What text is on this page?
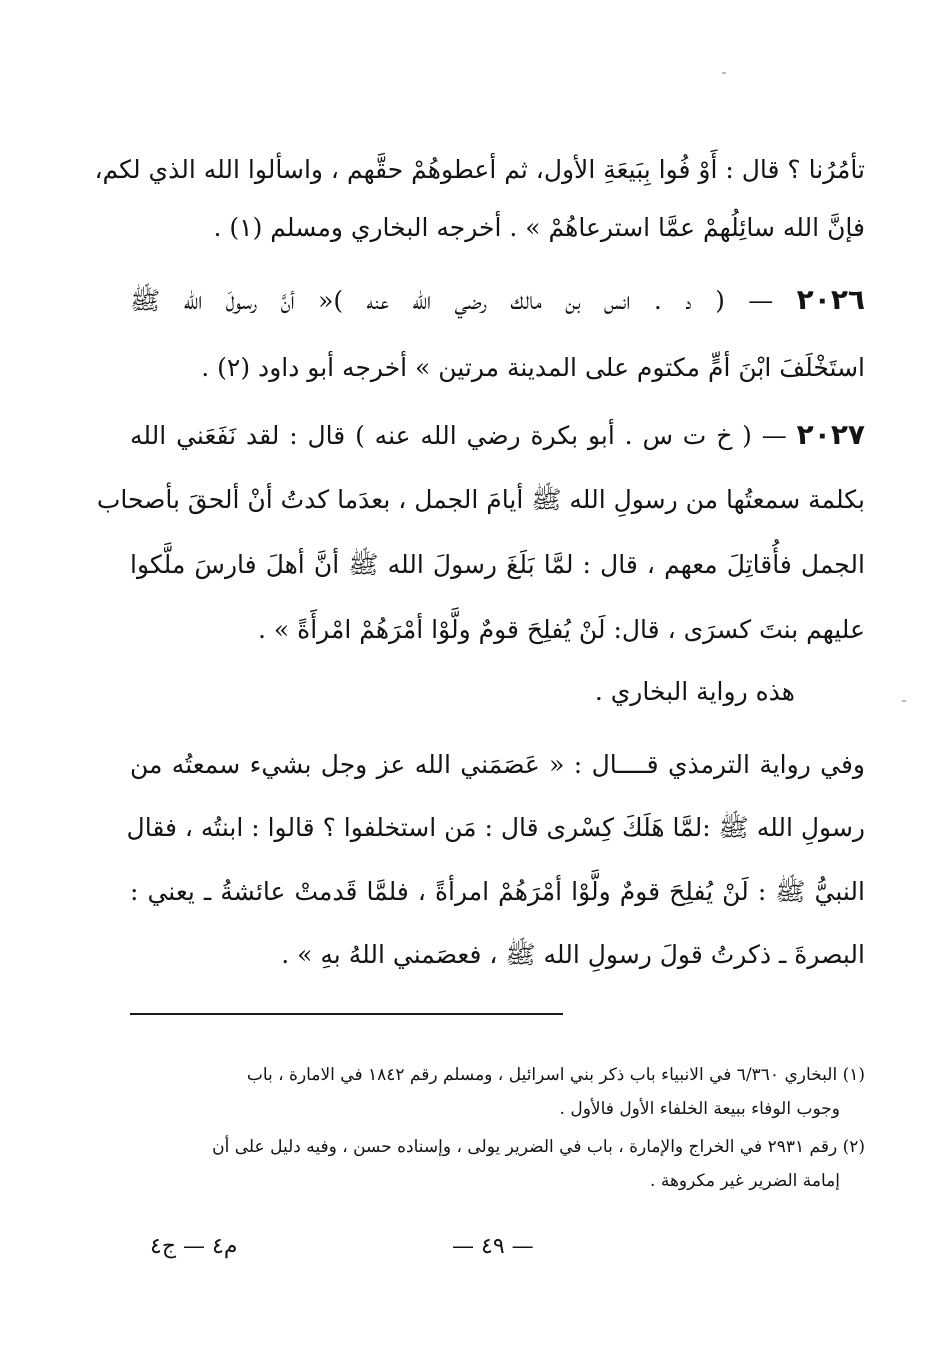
تأمُرُنا ؟ قال : أَوْ فُوا بِبَيعَةِ الأول، ثم أعطوهُمْ حقَّهم ، واسألوا الله الذي لكم،
فإنَّ الله سائِلُهمْ عمَّا استرعاهُمْ » . أخرجه البخاري ومسلم (١) .
٢٠٢٦ — ( د . انس بن مالك رضي الله عنه )« أنَّ رسولَ الله ﷺ
استَخْلَفَ ابْنَ أمٍّ مكتوم على المدينة مرتين » أخرجه أبو داود (٢) .
٢٠٢٧ — ( خ ت س . أبو بكرة رضي الله عنه ) قال : لقد نَفَعَني الله
بكلمة سمعتُها من رسولِ الله ﷺ أيامَ الجمل ، بعدَما كدتُ أنْ ألحقَ بأصحاب
الجمل فأُقاتِلَ معهم ، قال : لمَّا بَلَغَ رسولَ الله ﷺ أنَّ أهلَ فارسَ ملَّكوا
عليهم بنتَ كسرَى ، قال: لَنْ يُفلِحَ قومٌ ولَّوْا أمْرَهُمْ امْرأَةً » .
هذه رواية البخاري .
وفي رواية الترمذي قــــال : « عَصَمَني الله عز وجل بشيء سمعتُه من
رسولِ الله ﷺ :لمَّا هَلَكَ كِسْرى قال : مَن استخلفوا ؟ قالوا : ابنتُه ، فقال
النبيُّ ﷺ : لَنْ يُفلِحَ قومٌ ولَّوْا أمْرَهُمْ امرأةً ، فلمَّا قَدمتْ عائشةُ ـ يعني :
البصرةَ ـ ذكرتُ قولَ رسولِ الله ﷺ ، فعصَمني اللهُ بهِ » .
(١) البخاري ٦/٣٦٠ في الانبياء باب ذكر بني اسرائيل ، ومسلم رقم ١٨٤٢ في الامارة ، باب
وجوب الوفاء ببيعة الخلفاء الأول فالأول .
(٢) رقم ٢٩٣١ في الخراج والإمارة ، باب في الضرير يولى ، وإسناده حسن ، وفيه دليل على أن
إمامة الضرير غير مكروهة .
— ٤٩ —
م٤ — ج٤
